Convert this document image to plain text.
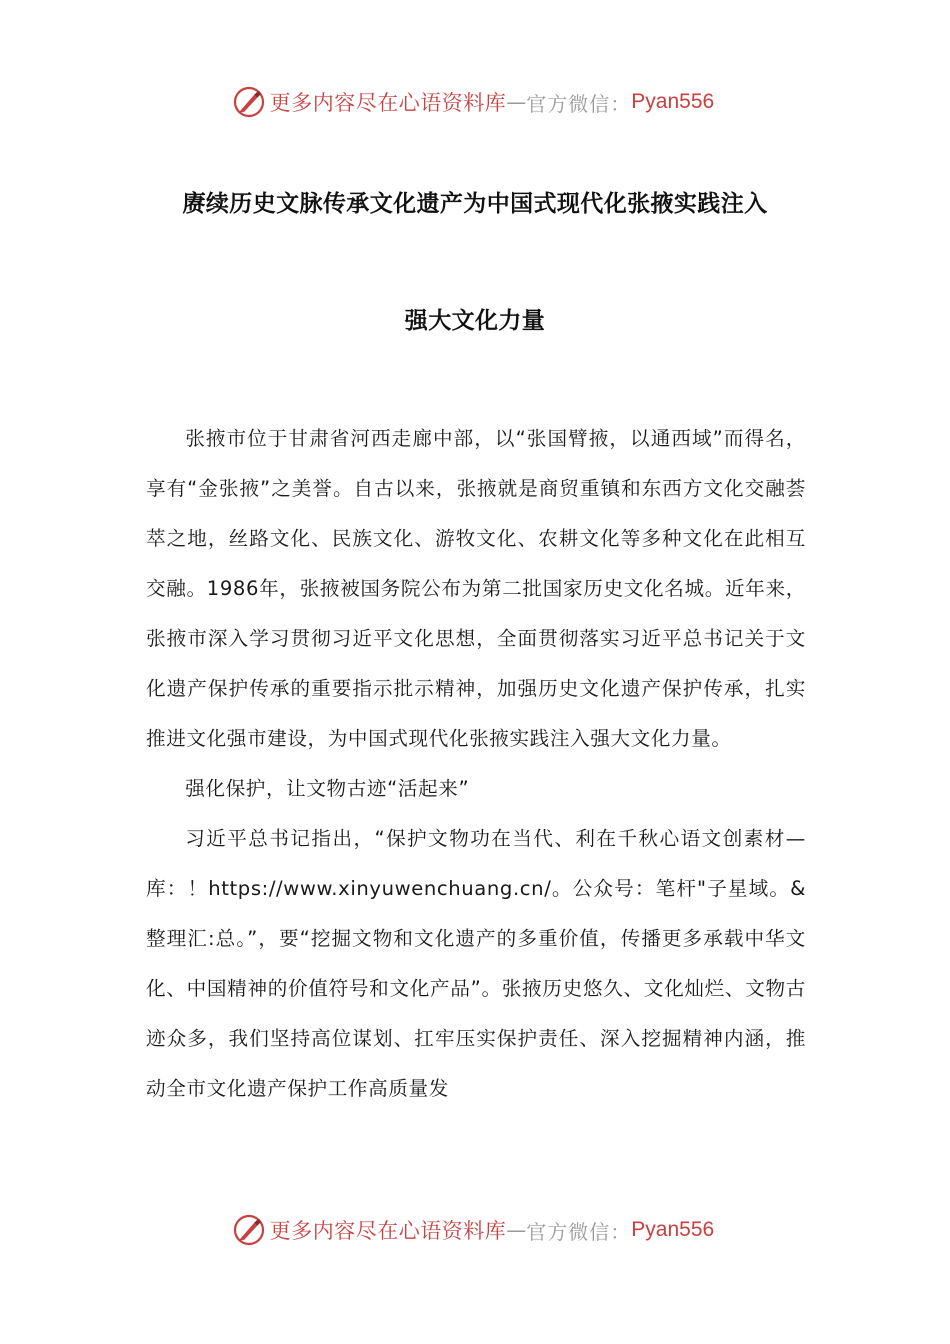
更多内容尽在心语资料库 — 官方微信： Pyan556
赓续历史文脉传承文化遗产为中国式现代化张掖实践注入
强大文化力量

张掖市位于甘肃省河西走廊中部，以“张国臂掖，以通西域”而得名，享有“金张掖”之美誉。自古以来，张掖就是商贸重镇和东西方文化交融荟萃之地，丝路文化、民族文化、游牧文化、农耕文化等多种文化在此相互交融。1986年，张掖被国务院公布为第二批国家历史文化名城。近年来，张掖市深入学习贯彻习近平文化思想，全面贯彻落实习近平总书记关于文化遗产保护传承的重要指示批示精神，加强历史文化遗产保护传承，扎实推进文化强市建设，为中国式现代化张掖实践注入强大文化力量。

强化保护，让文物古迹“活起来”

习近平总书记指出，“保护文物功在当代、利在千秋心语文创素材—库：！https://www.xinyuwenchuang.cn/。公众号：笔杆"子星域。&整理汇:总。”，要“挖掘文物和文化遗产的多重价值，传播更多承载中华文化、中国精神的价值符号和文化产品”。张掖历史悠久、文化灿烂、文物古迹众多，我们坚持高位谋划、扛牢压实保护责任、深入挖掘精神内涵，推动全市文化遗产保护工作高质量发

更多内容尽在心语资料库 — 官方微信： Pyan556
